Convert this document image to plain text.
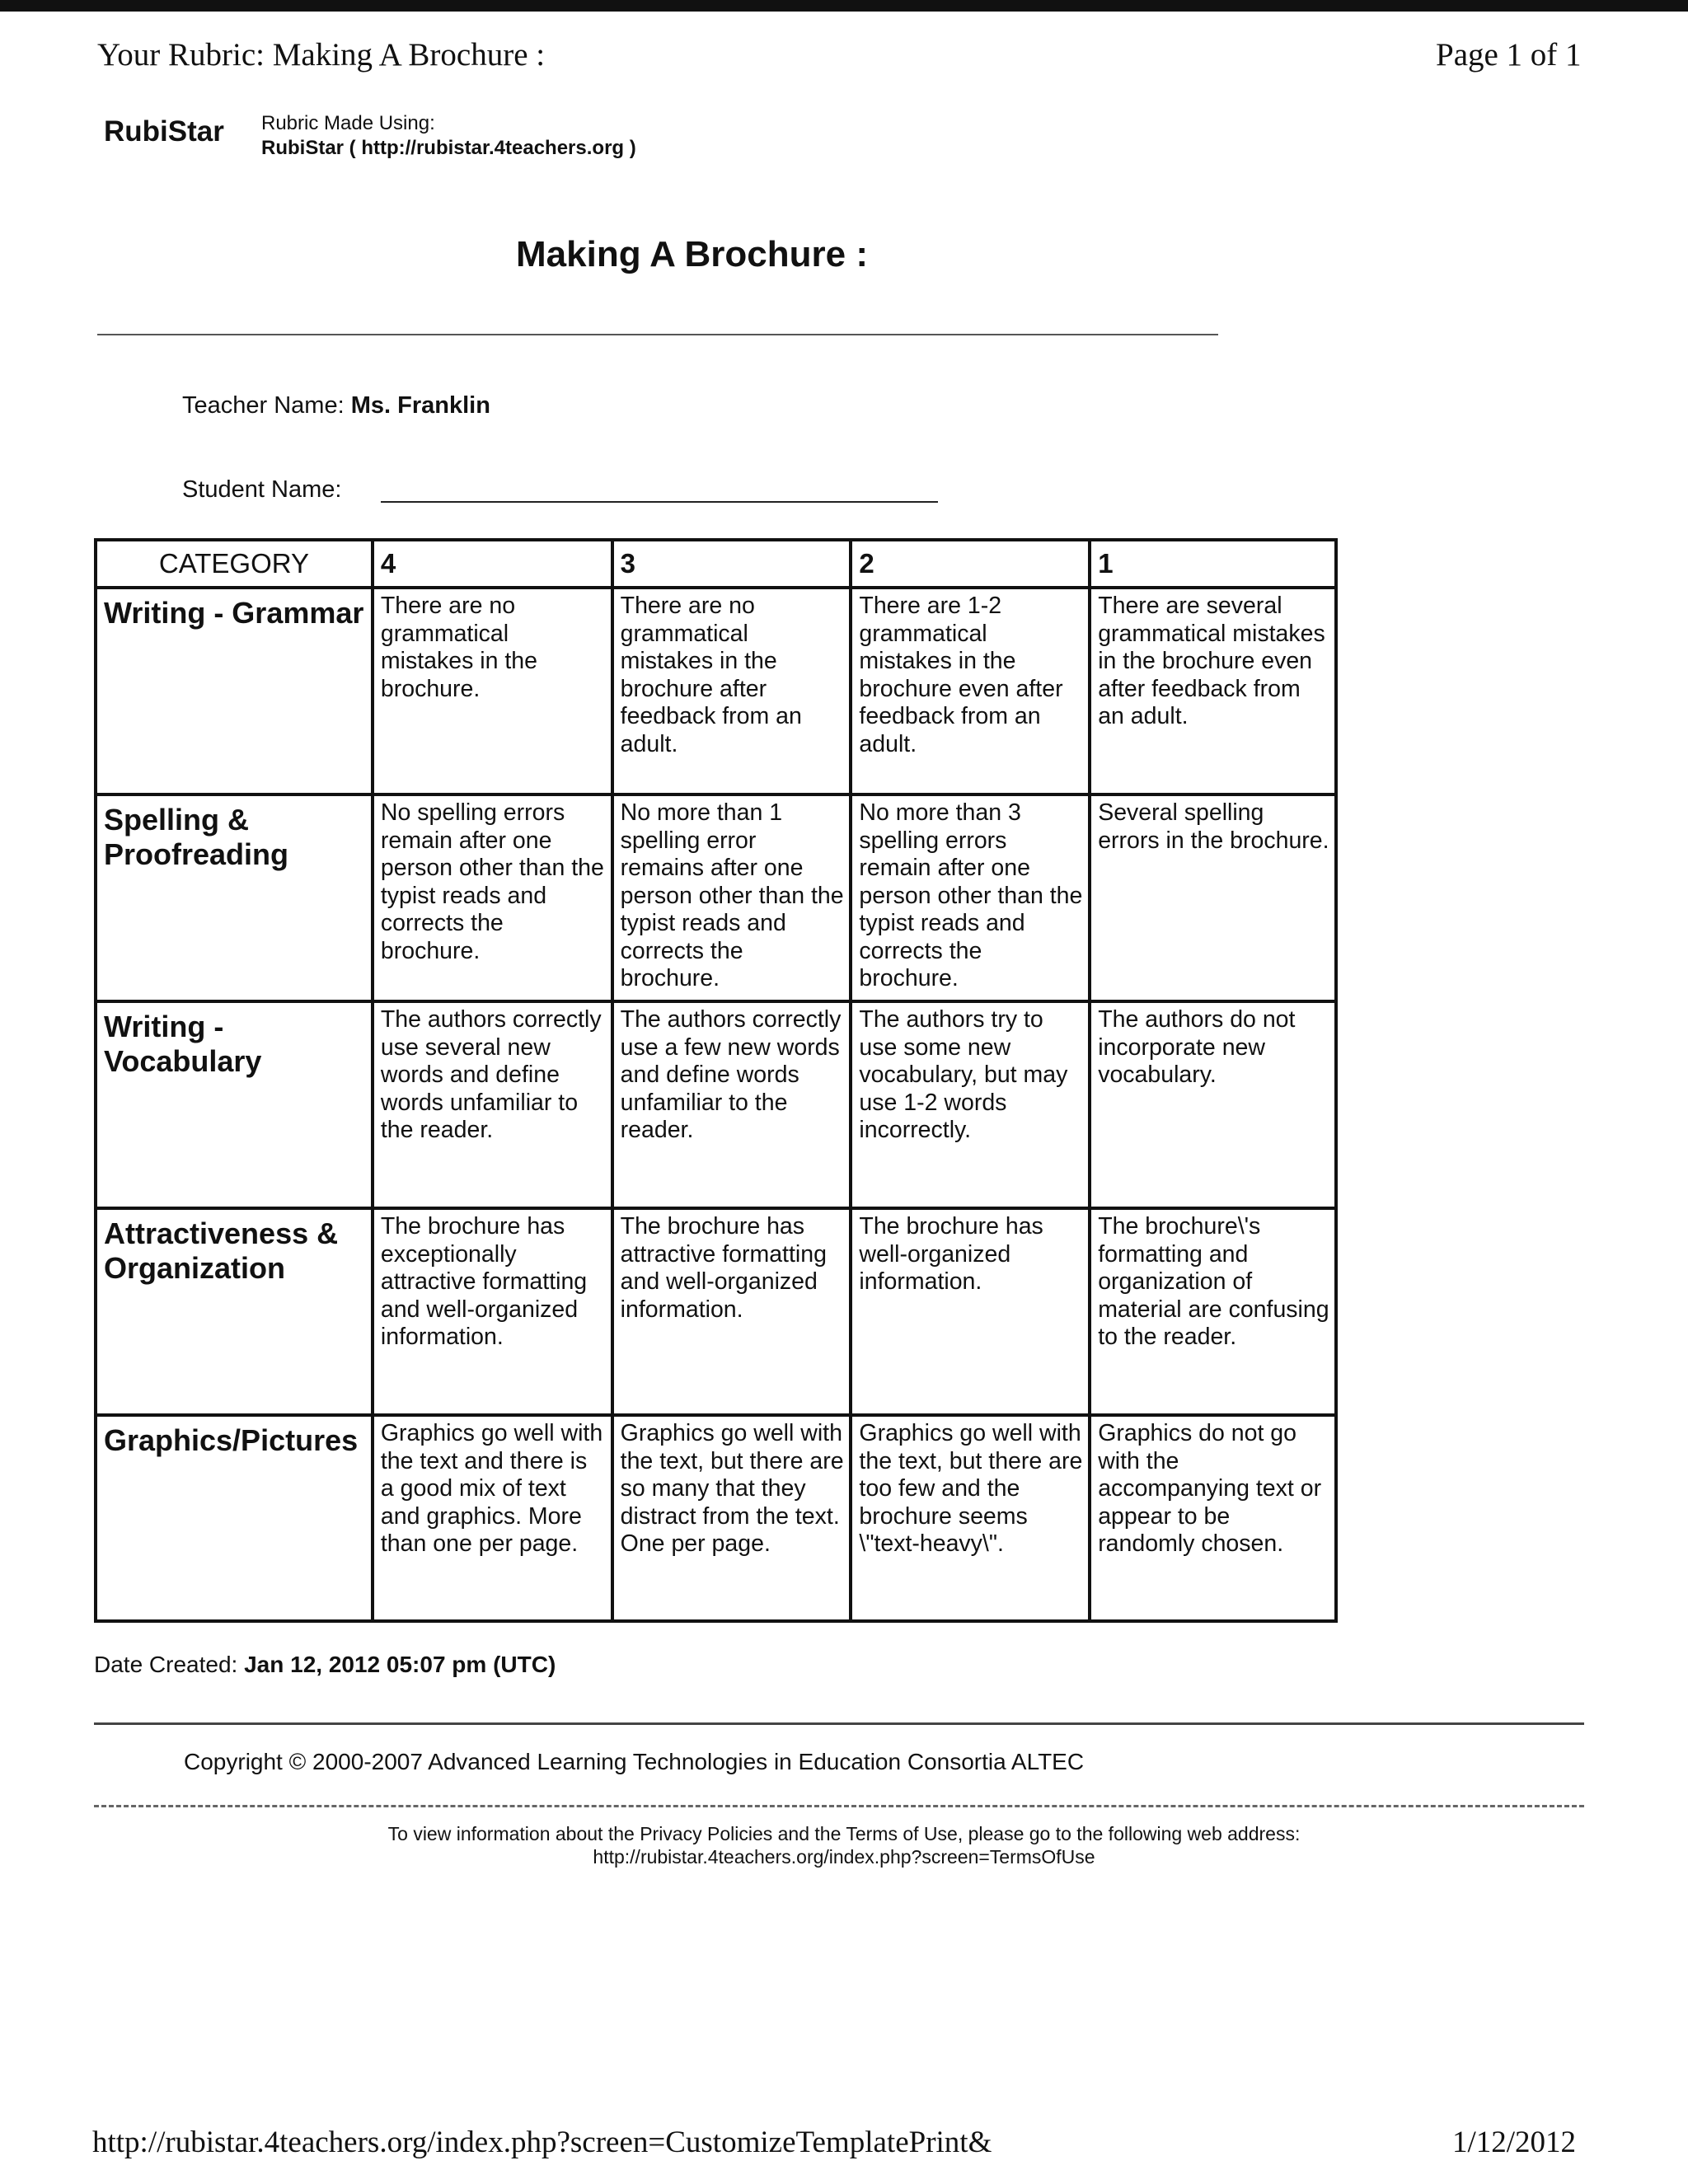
Your Rubric: Making A Brochure :	Page 1 of 1
RubiStar Rubric Made Using:
RubiStar ( http://rubistar.4teachers.org )
Making A Brochure :
Teacher Name: Ms. Franklin
Student Name:
CATEGORY	4	3	2	1
Writing - Grammar	There are no grammatical mistakes in the brochure.	There are no grammatical mistakes in the brochure after feedback from an adult.	There are 1-2 grammatical mistakes in the brochure even after feedback from an adult.	There are several grammatical mistakes in the brochure even after feedback from an adult.
Spelling & Proofreading	No spelling errors remain after one person other than the typist reads and corrects the brochure.	No more than 1 spelling error remains after one person other than the typist reads and corrects the brochure.	No more than 3 spelling errors remain after one person other than the typist reads and corrects the brochure.	Several spelling errors in the brochure.
Writing - Vocabulary	The authors correctly use several new words and define words unfamiliar to the reader.	The authors correctly use a few new words and define words unfamiliar to the reader.	The authors try to use some new vocabulary, but may use 1-2 words incorrectly.	The authors do not incorporate new vocabulary.
Attractiveness & Organization	The brochure has exceptionally attractive formatting and well-organized information.	The brochure has attractive formatting and well-organized information.	The brochure has well-organized information.	The brochure\'s formatting and organization of material are confusing to the reader.
Graphics/Pictures	Graphics go well with the text and there is a good mix of text and graphics. More than one per page.	Graphics go well with the text, but there are so many that they distract from the text. One per page.	Graphics go well with the text, but there are too few and the brochure seems \"text-heavy\".	Graphics do not go with the accompanying text or appear to be randomly chosen.
Date Created: Jan 12, 2012 05:07 pm (UTC)
Copyright © 2000-2007 Advanced Learning Technologies in Education Consortia ALTEC
To view information about the Privacy Policies and the Terms of Use, please go to the following web address:
http://rubistar.4teachers.org/index.php?screen=TermsOfUse
http://rubistar.4teachers.org/index.php?screen=CustomizeTemplatePrint&	1/12/2012
